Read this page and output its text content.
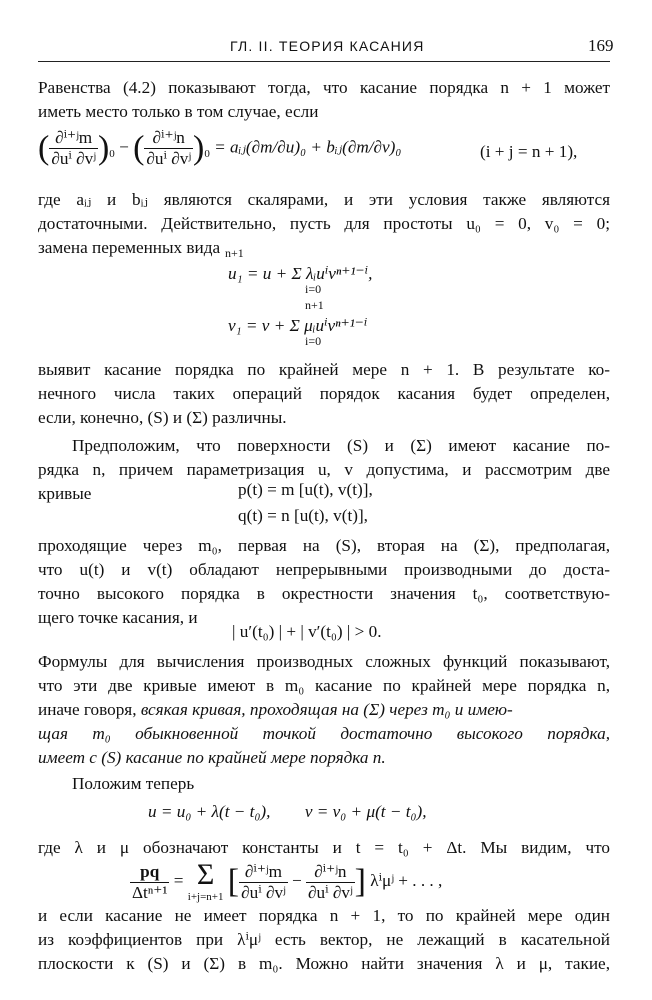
ГЛ. II. ТЕОРИЯ КАСАНИЯ	169
Равенства (4.2) показывают тогда, что касание порядка n + 1 может
иметь место только в том случае, если
( $\frac{\text{∂ⁱ⁺ʲm}}{\text{∂uⁱ ∂vʲ}} )_0$ − ( $\frac{\text{∂ⁱ⁺ʲn}}{\text{∂uⁱ ∂vʲ}} )_0$ = aᵢⱼ(∂m/∂u)₀ + bᵢⱼ(∂m/∂v)₀	(i + j = n + 1),
где aᵢⱼ и bᵢⱼ являются скалярами, и эти условия также являются
достаточными. Действительно, пусть для простоты u₀ = 0, v₀ = 0;
замена переменных вида n+1
u₁ = u + Σ λᵢuⁱvⁿ⁺¹⁻ⁱ,
i=0
n+1
v₁ = v + Σ μᵢuⁱvⁿ⁺¹⁻ⁱ
i=0
выявит касание порядка по крайней мере n + 1. В результате ко-
нечного числа таких операций порядок касания будет определен,
если, конечно, (S) и (Σ) различны.
Предположим, что поверхности (S) и (Σ) имеют касание по-
рядка n, причем параметризация u, v допустима, и рассмотрим две
кривые	p(t) = m [u(t), v(t)],
q(t) = n [u(t), v(t)],
проходящие через m₀, первая на (S), вторая на (Σ), предполагая,
что u(t) и v(t) обладают непрерывными производными до доста-
точно высокого порядка в окрестности значения t₀, соответствую-
щего точке касания, и
| u′(t₀) | + | v′(t₀) | > 0.
Формулы для вычисления производных сложных функций показывают,
что эти две кривые имеют в m₀ касание по крайней мере порядка n,
иначе говоря, всякая кривая, проходящая на (Σ) через m₀ и имею-
щая m₀ обыкновенной точкой достаточно высокого порядка,
имеет с (S) касание по крайней мере порядка n.
Положим теперь
u = u₀ + λ(t − t₀),        v = v₀ + μ(t − t₀),
где λ и μ обозначают константы и t = t₀ + Δt. Мы видим, что
$\frac{pq}{\text{Δtⁿ⁺¹}} = \Sigma$
i+j=n+1 [ $\frac{\text{∂ⁱ⁺ʲm}}{\text{∂uⁱ ∂vʲ}} - \frac{\text{∂ⁱ⁺ʲn}}{\text{∂uⁱ ∂vʲ}}$ ] λⁱμʲ + . . . ,
и если касание не имеет порядка n + 1, то по крайней мере один
из коэффициентов при λⁱμʲ есть вектор, не лежащий в касательной
плоскости к (S) и (Σ) в m₀. Можно найти значения λ и μ, такие,
